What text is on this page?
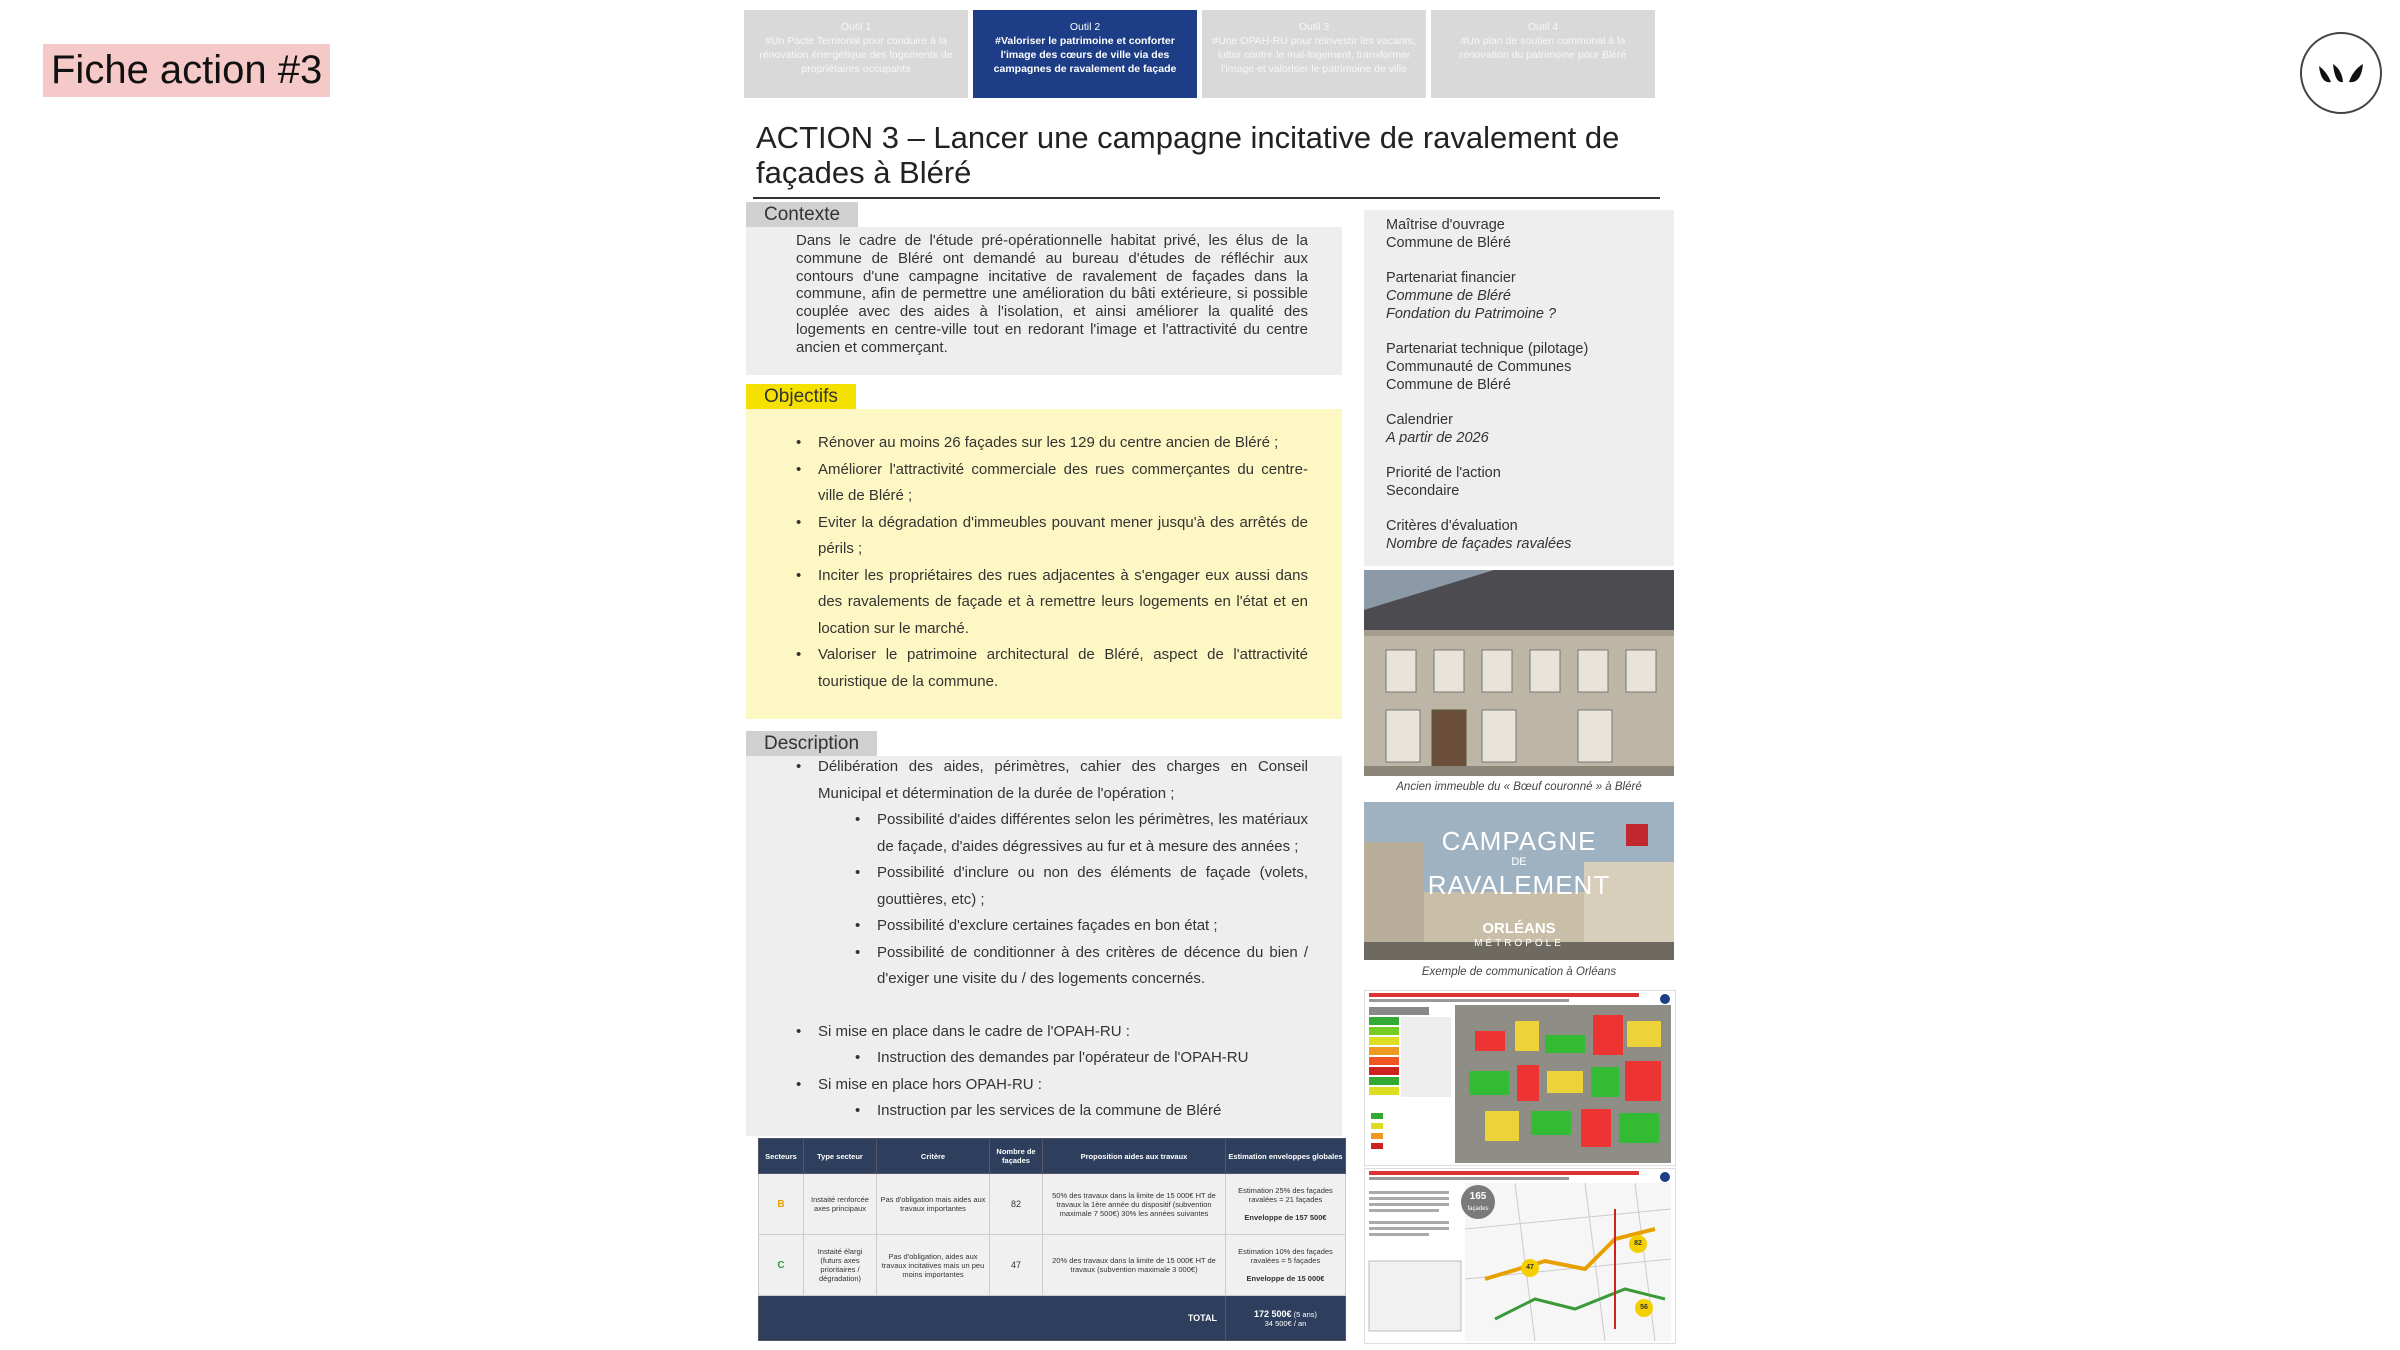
Fiche action #3
Outil 1
#Un Pacte Territorial pour conduire à la rénovation énergétique des logements de propriétaires occupants
Outil 2
#Valoriser le patrimoine et conforter l'image des cœurs de ville via des campagnes de ravalement de façade
Outil 3
#Une OPAH-RU pour réinvestir les vacants, lutter contre le mal-logement, transformer l'image et valoriser le patrimoine de ville
Outil 4
#Un plan de soutien communal à la rénovation du patrimoine pour Bléré
ACTION 3 – Lancer une campagne incitative de ravalement de façades à Bléré
Contexte
Dans le cadre de l'étude pré-opérationnelle habitat privé, les élus de la commune de Bléré ont demandé au bureau d'études de réfléchir aux contours d'une campagne incitative de ravalement de façades dans la commune, afin de permettre une amélioration du bâti extérieure, si possible couplée avec des aides à l'isolation, et ainsi améliorer la qualité des logements en centre-ville tout en redorant l'image et l'attractivité du centre ancien et commerçant.
Objectifs
• Rénover au moins 26 façades sur les 129 du centre ancien de Bléré ;
• Améliorer l'attractivité commerciale des rues commerçantes du centre-ville de Bléré ;
• Eviter la dégradation d'immeubles pouvant mener jusqu'à des arrêtés de périls ;
• Inciter les propriétaires des rues adjacentes à s'engager eux aussi dans des ravalements de façade et à remettre leurs logements en l'état et en location sur le marché.
• Valoriser le patrimoine architectural de Bléré, aspect de l'attractivité touristique de la commune.
Description
• Délibération des aides, périmètres, cahier des charges en Conseil Municipal et détermination de la durée de l'opération ;
• Possibilité d'aides différentes selon les périmètres, les matériaux de façade, d'aides dégressives au fur et à mesure des années ;
• Possibilité d'inclure ou non des éléments de façade (volets, gouttières, etc) ;
• Possibilité d'exclure certaines façades en bon état ;
• Possibilité de conditionner à des critères de décence du bien / d'exiger une visite du / des logements concernés.
• Si mise en place dans le cadre de l'OPAH-RU :
• Instruction des demandes par l'opérateur de l'OPAH-RU
• Si mise en place hors OPAH-RU :
• Instruction par les services de la commune de Bléré
Secteurs	Type secteur	Critère	Nombre de façades	Proposition aides aux travaux	Estimation enveloppes globales
B	Instaité renforcée axes principaux	Pas d'obligation mais aides aux travaux importantes	82	50% des travaux dans la limite de 15 000€ HT de travaux la 1ère année du dispositif (subvention maximale 7 500€) 30% les années suivantes	Estimation 25% des façades ravalées = 21 façades

Enveloppe de 157 500€
C	Instaité élargi (futurs axes prioritaires / dégradation)	Pas d'obligation, aides aux travaux incitatives mais un peu moins importantes	47	20% des travaux dans la limite de 15 000€ HT de travaux (subvention maximale 3 000€)	Estimation 10% des façades ravalées = 5 façades

Enveloppe de 15 000€
TOTAL					172 500€ (5 ans)
34 500€ / an
Maîtrise d'ouvrage
Commune de Bléré
Partenariat financier
Commune de Bléré
Fondation du Patrimoine ?
Partenariat technique (pilotage)
Communauté de Communes
Commune de Bléré
Calendrier
A partir de 2026
Priorité de l'action
Secondaire
Critères d'évaluation
Nombre de façades ravalées
Ancien immeuble du « Bœuf couronné » à Bléré
CAMPAGNE
DE
RAVALEMENT
ORLÉANS
MÉTROPOLE
Exemple de communication à Orléans
165
façades
82
47
56
